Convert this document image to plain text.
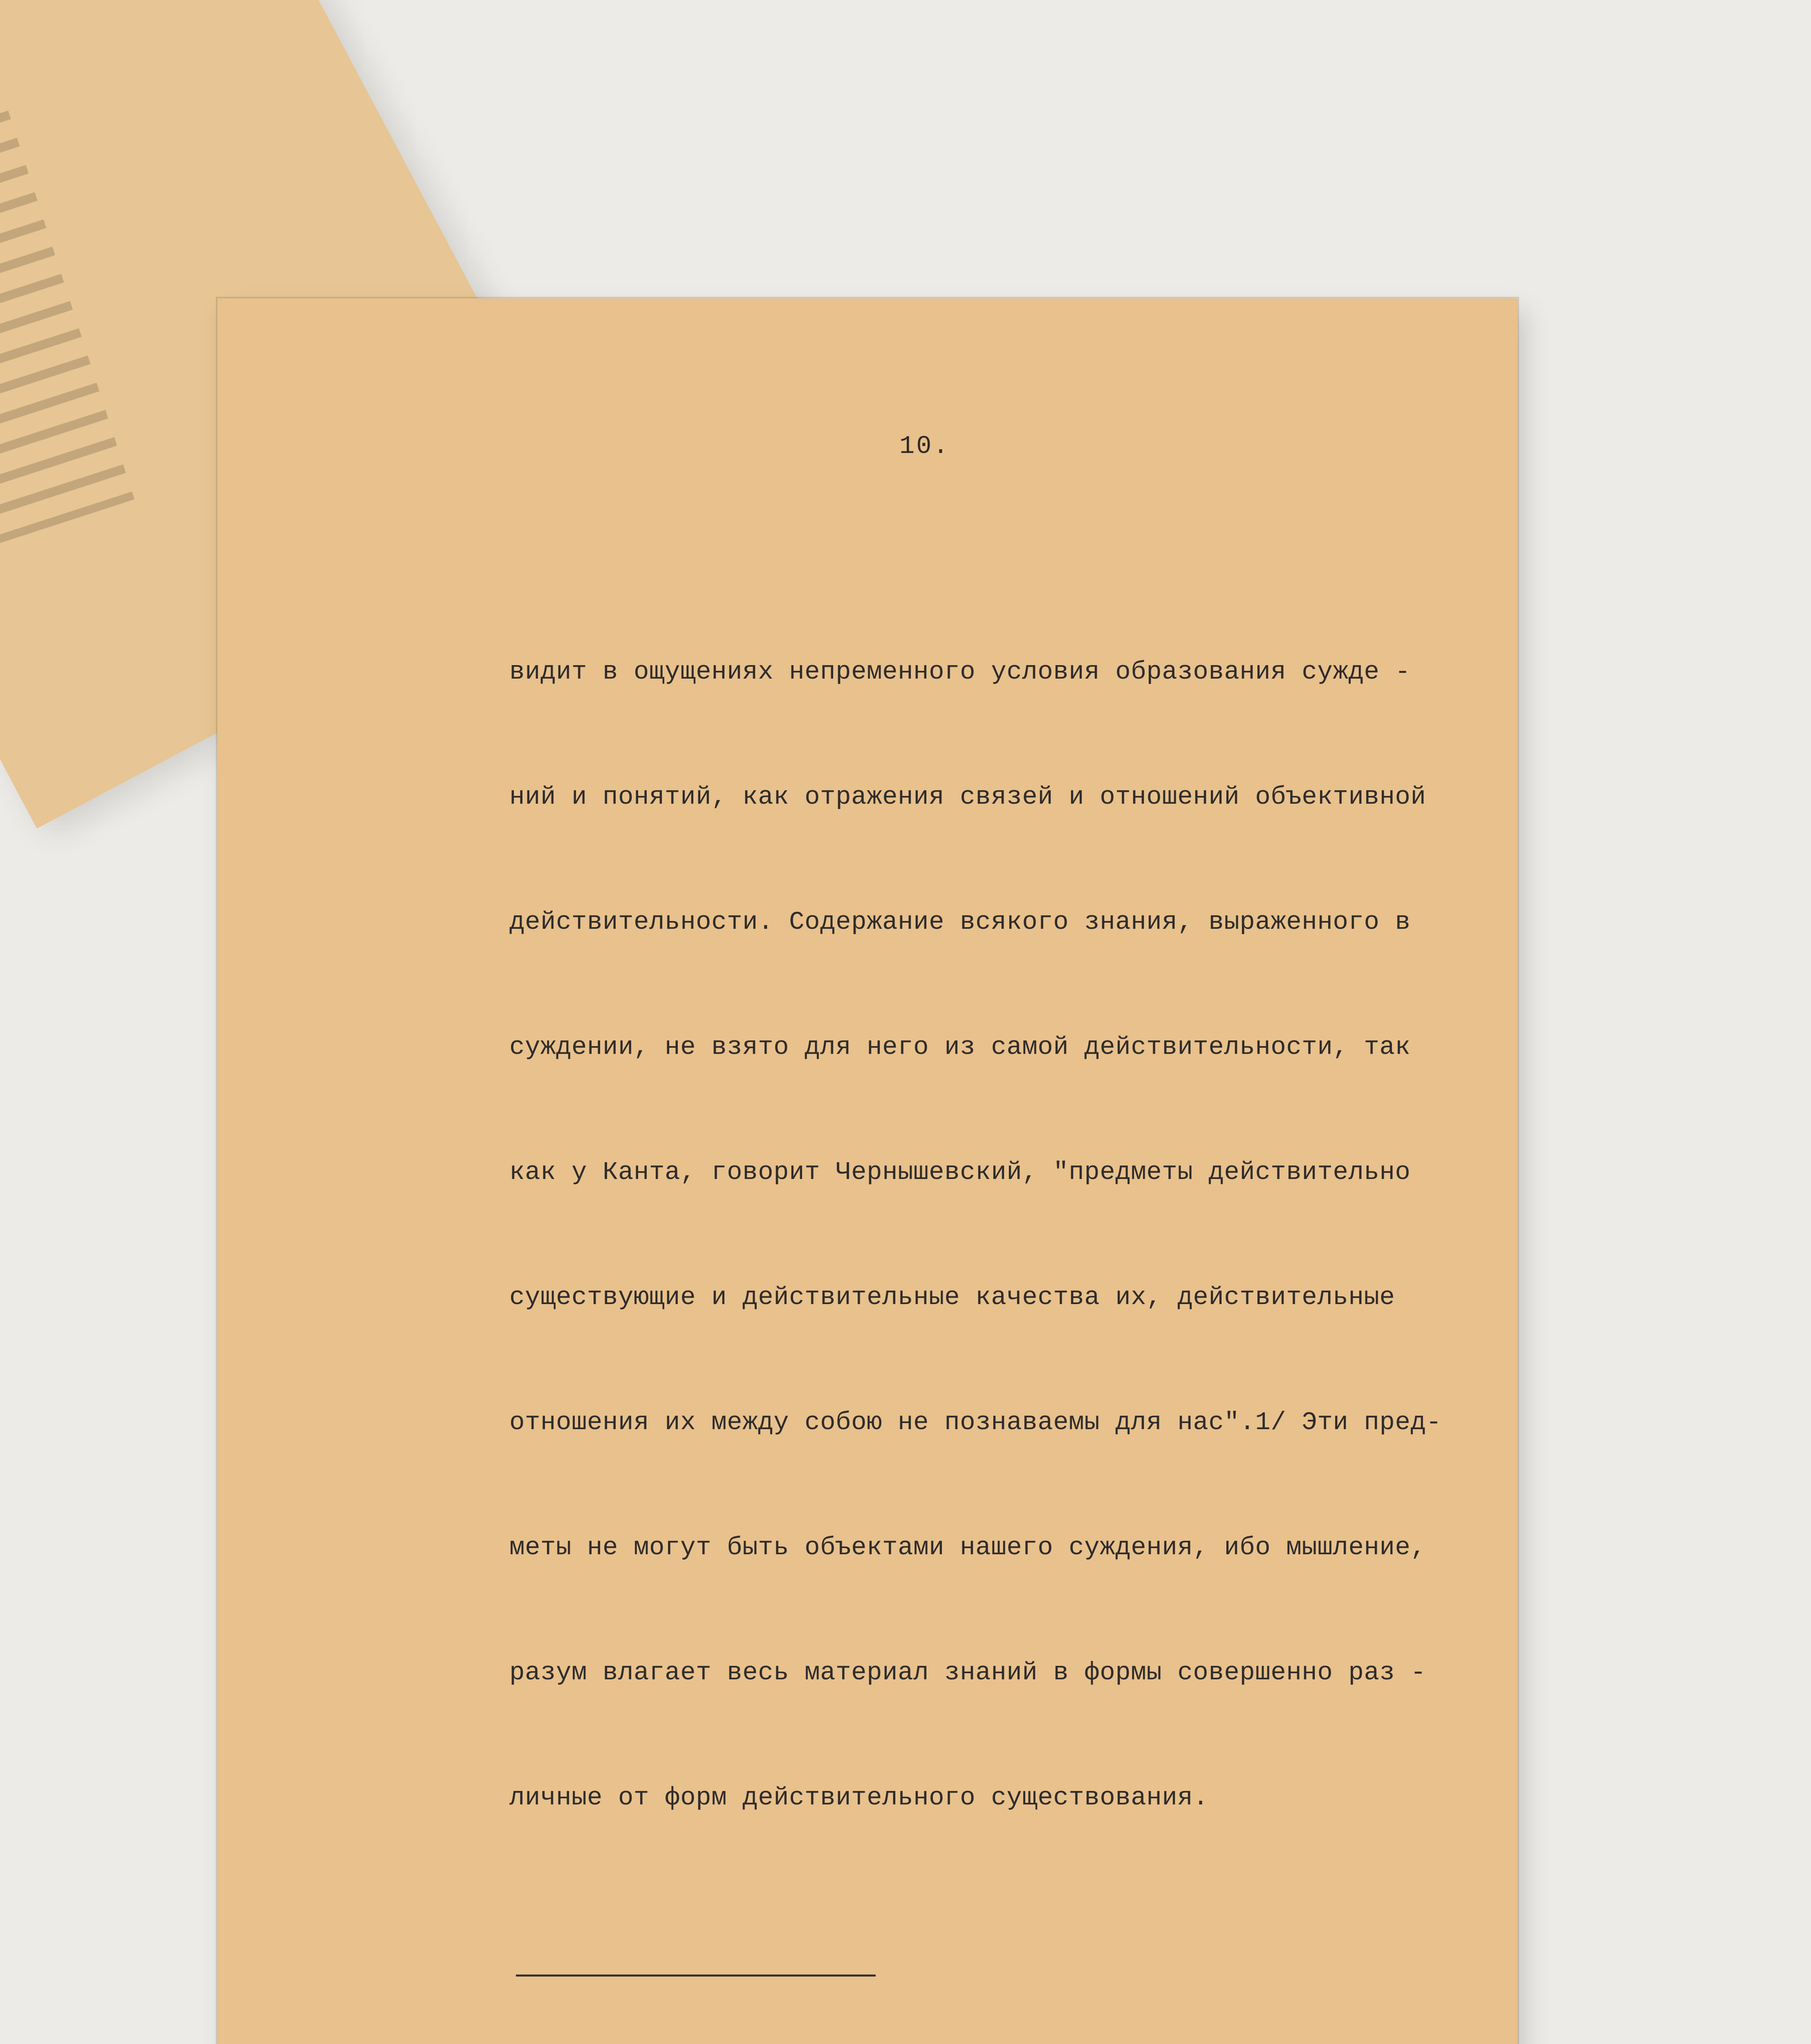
10.

видит в ощущениях непременного условия образования сужде -

ний и понятий, как отражения связей и отношений объективной

действительности. Содержание всякого знания, выраженного в

суждении, не взято для него из самой действительности, так

как у Канта, говорит Чернышевский, "предметы действительно

существующие и действительные качества их, действительные

отношения их между собою не познаваемы для нас".1/ Эти пред-

меты не могут быть объектами нашего суждения, ибо мышление,

разум влагает весь материал знаний в формы совершенно раз -

личные от форм действительного существования.
